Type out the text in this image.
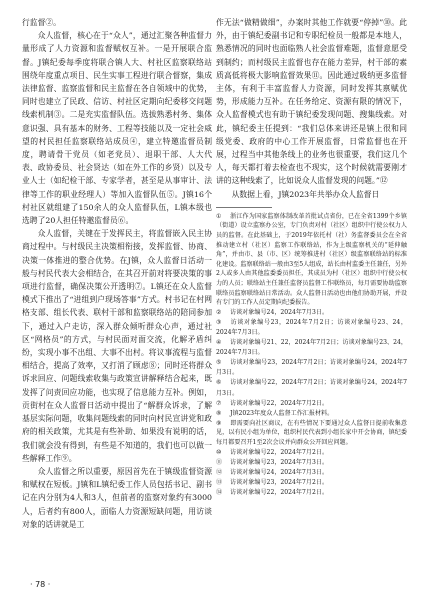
行监督②。

众人监督，核心在于“众人”，通过汇聚各种监督力量形成了人力资源和监督赋权互补。一是开展联合监督。J镇纪委每季度将联合镇人大、村社区监察联络站围绕年度重点项目、民生实事工程进行联合督察，集成法律监督、监察监督和民主监督在各自领域中的优势，同时也建立了民政、信访、村社区定期向纪委移交问题线索机制③。二是充实监督队伍。选拔熟悉村务、集体意识强、具有基本的财务、工程等技能以及一定社会威望的村民担任监察联络站成员④，建立特邀监督员制度，聘请骨干党员（如老党员）、退职干部、人大代表、政协委员、社会贤达（如在外工作的乡贤）以及专业人士（如纪检干部、专家学者，甚至是从事审计、法律等工作的职业经理人）等加入监督队伍⑤。J镇16个村社区就组建了150余人的众人监督队伍，L镇本级也选聘了20人担任特邀监督员⑥。

众人监督，关键在于发挥民主，将监督嵌入民主协商过程中。与村级民主决策相衔接，发挥监督、协商、决策一体推进的整合优势。在J镇，众人监督日活动一般与村民代表大会相结合，在其召开前对将要决策的事项进行监督，确保决策公开透明⑦。L镇还在众人监督模式下推出了“进组到户现场答事”方式。村书记在村网格支部、组长代表、联村干部和监察联络站的陪同参加下，通过入户走访，深入群众倾听群众心声，通过社区“网格员”的方式，与村民面对面交流，化解矛盾纠纷，实现小事不出组、大事不出村。将议事流程与监督相结合，提高了效率，又打消了顾虑⑧；同时还将群众诉求回应、问题线索收集与政策宣讲解释结合起来，既发挥了问责回应功能，也实现了信息能力互补。例如，贡街村在众人监督日活动中提出了“解群众诉求，了解基层实际问题，收集问题线索的同时向村民宣讲党和政府的相关政策，尤其是有些补助、如果没有说明的话，我们就会没有得到，有些是不知道的，我们也可以做一些解释工作⑨。

众人监督之所以重要，原因首先在于镇级监督资源和赋权在短板。J镇和L镇纪委工作人员包括书记、副书记在内分别为4人和3人，但前者的监察对象约有3000人，后者约有800人，面临人力资源短缺问题，用访谈对象的话讲就是工

作无法“做精做细”，办案时其他工作就要“停掉”⑩。此外，由于镇纪委副书记和专职纪检员一般都是本地人，熟悉情况的同时也面临熟人社会监督难题，监督意愿受到制约；而村级民主监督也存在能力差异，村干部的素质高低将极大影响监督效果⑪。因此通过吸纳更多监督主体，有利于丰富监督人力资源，同时发挥其禀赋优势，形成能力互补。在任务给定、资源有限的情况下，众人监督模式也有助于镇纪委发现问题、搜集线索。对此，镇纪委主任提到：“我们总体来讲还是镇上很和同级党委、政府的中心工作开展监督，日常监督也在开展，过程当中其他条线上的业务也很重要，我们这几个人，每天都打着去检查也不现实，这个时候就需要刚才讲的这种线索了，比如说众人监督发现的问题。”⑫

从数据上看，J镇2023年共举办众人监督日

① 浙江作为国家监察体制改革首批试点省份，已在全省1399个乡镇（街道）设立监察办公室，专门负责对村（社区）组织中行使公权力人员的监督。在此基础上，于2019年依托村（社）务监督委员会在全省推动建立村（社区）监察工作联络站，作为上级监察机关的“延伸触角”，并由市、县（市、区）统筹推进村（社区）级监察联络站的标准化建设。监察联络站一般由3至5人组成，站长由村监委主任兼任，另外2人或多人由其他监委委员担任，其成员为村（社区）组织中行使公权力的人员；联络站主任兼任监督员监督工作联络员，每月需要协助监察联络员监察联络站日常活动。众人监督日活动也由他们协助开展，并设有专门的工作人员定期向纪委报告。

② 访谈对象编号24，2024年7月3日。

③ 访谈对象编号23，2024年7月2日；访谈对象编号23、24，2024年7月3日。

④ 访谈对象编号21、22，2024年7月2日；访谈对象编号23、24，2024年7月3日。

⑤ 访谈对象编号23，2024年7月2日；访谈对象编号24，2024年7月3日。

⑥ 访谈对象编号22，2024年7月2日；访谈对象编号24，2024年7月3日。

⑦ 访谈对象编号22，2024年7月2日。

⑧ J镇2023年度众人监督工作汇报材料。

⑨ 即需要向社区商议，在有些情况下要通过众人监督日提前收集意见，以有民小组为单位，组织村民代表到小组长家中开会协商，镇纪委每月都要召开1至2次会议并向群众公开回应问题。

⑩ 访谈对象编号22，2024年7月2日。

⑪ 访谈对象编号23，2024年7月3日。

⑫ 访谈对象编号24，2024年7月3日。

⑬ 访谈对象编号23，2024年7月2日。

⑭ 访谈对象编号22，2024年7月2日。

· 78 ·
